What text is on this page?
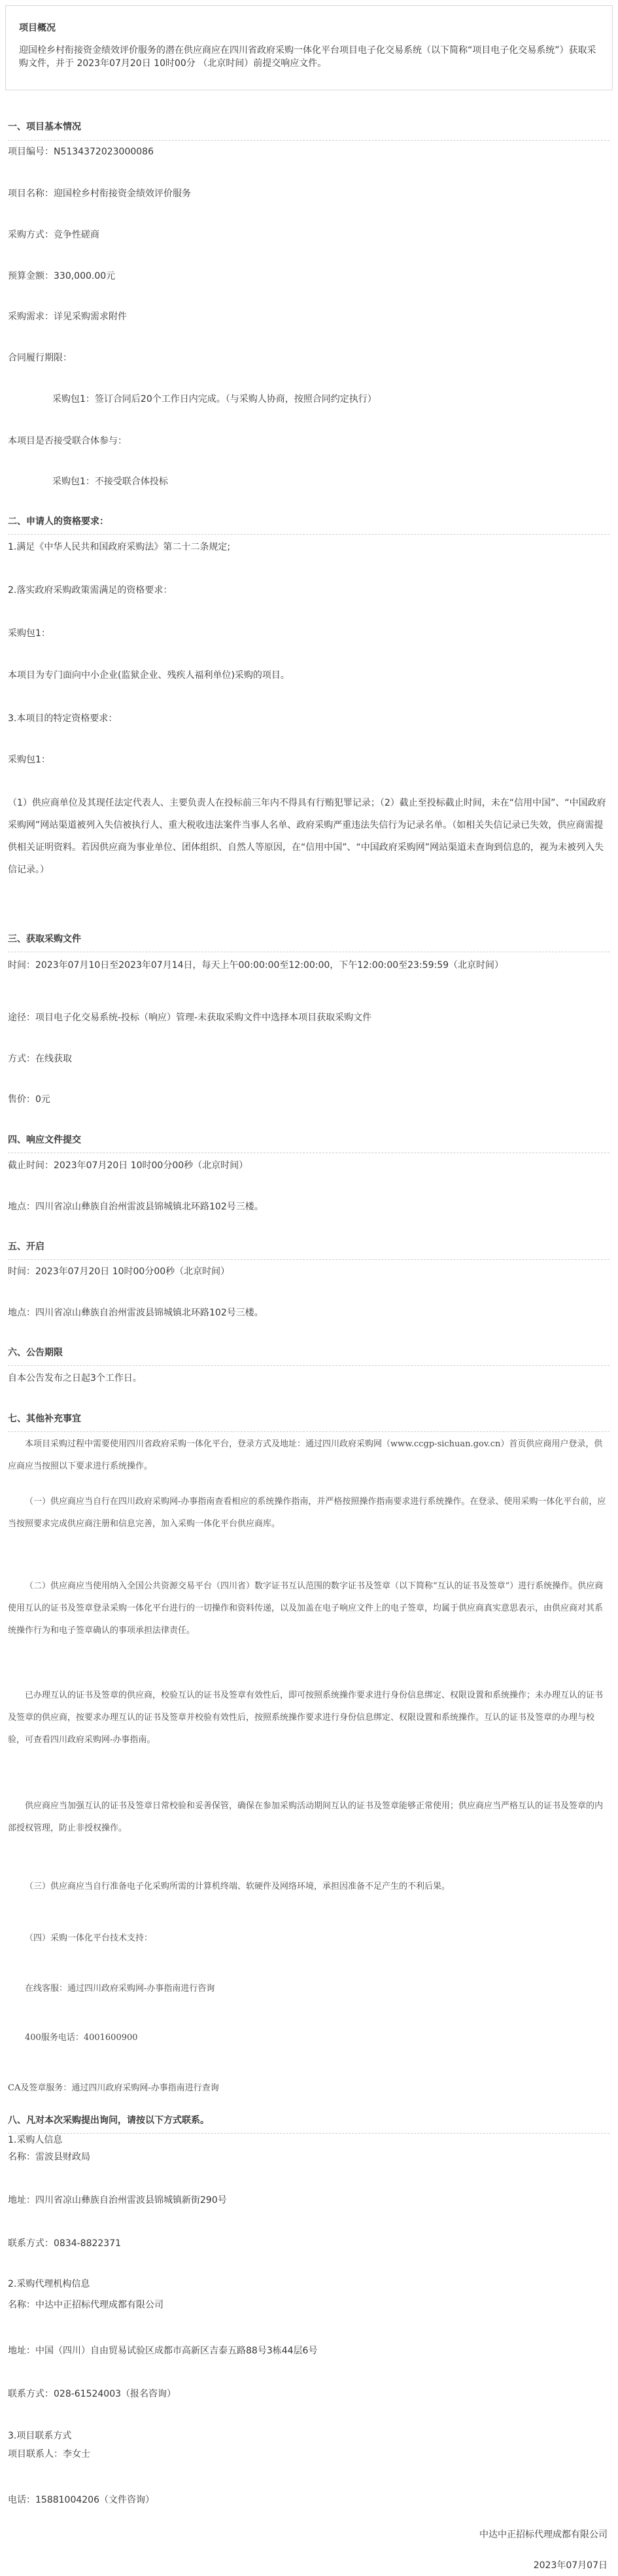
项目概况
迎国栓乡村衔接资金绩效评价服务的潜在供应商应在四川省政府采购一体化平台项目电子化交易系统（以下简称“项目电子化交易系统”）获取采购文件，并于 2023年07月20日 10时00分 （北京时间）前提交响应文件。
一、项目基本情况
项目编号：N5134372023000086
项目名称：迎国栓乡村衔接资金绩效评价服务
采购方式：竞争性磋商
预算金额：330,000.00元
采购需求：详见采购需求附件
合同履行期限：
采购包1：签订合同后20个工作日内完成。（与采购人协商，按照合同约定执行）
本项目是否接受联合体参与：
采购包1：不接受联合体投标
二、申请人的资格要求：
1.满足《中华人民共和国政府采购法》第二十二条规定;
2.落实政府采购政策需满足的资格要求：
采购包1：
本项目为专门面向中小企业(监狱企业、残疾人福利单位)采购的项目。
3.本项目的特定资格要求：
采购包1：
（1）供应商单位及其现任法定代表人、主要负责人在投标前三年内不得具有行贿犯罪记录；（2）截止至投标截止时间，未在“信用中国”、“中国政府采购网”网站渠道被列入失信被执行人、重大税收违法案件当事人名单、政府采购严重违法失信行为记录名单。（如相关失信记录已失效，供应商需提供相关证明资料。若因供应商为事业单位、团体组织、自然人等原因，在“信用中国”、“中国政府采购网”网站渠道未查询到信息的，视为未被列入失信记录。）
三、获取采购文件
时间：2023年07月10日至2023年07月14日，每天上午00:00:00至12:00:00，下午12:00:00至23:59:59（北京时间）
途径：项目电子化交易系统-投标（响应）管理-未获取采购文件中选择本项目获取采购文件
方式：在线获取
售价：0元
四、响应文件提交
截止时间：2023年07月20日 10时00分00秒（北京时间）
地点：四川省凉山彝族自治州雷波县锦城镇北环路102号三楼。
五、开启
时间：2023年07月20日 10时00分00秒（北京时间）
地点：四川省凉山彝族自治州雷波县锦城镇北环路102号三楼。
六、公告期限
自本公告发布之日起3个工作日。
七、其他补充事宜
本项目采购过程中需要使用四川省政府采购一体化平台，登录方式及地址：通过四川政府采购网（www.ccgp-sichuan.gov.cn）首页供应商用户登录，供应商应当按照以下要求进行系统操作。
（一）供应商应当自行在四川政府采购网-办事指南查看相应的系统操作指南，并严格按照操作指南要求进行系统操作。在登录、使用采购一体化平台前，应当按照要求完成供应商注册和信息完善，加入采购一体化平台供应商库。
（二）供应商应当使用纳入全国公共资源交易平台（四川省）数字证书互认范围的数字证书及签章（以下简称“互认的证书及签章”）进行系统操作。供应商使用互认的证书及签章登录采购一体化平台进行的一切操作和资料传递，以及加盖在电子响应文件上的电子签章，均属于供应商真实意思表示，由供应商对其系统操作行为和电子签章确认的事项承担法律责任。
已办理互认的证书及签章的供应商，校验互认的证书及签章有效性后，即可按照系统操作要求进行身份信息绑定、权限设置和系统操作；未办理互认的证书及签章的供应商，按要求办理互认的证书及签章并校验有效性后，按照系统操作要求进行身份信息绑定、权限设置和系统操作。互认的证书及签章的办理与校验，可查看四川政府采购网-办事指南。
供应商应当加强互认的证书及签章日常校验和妥善保管，确保在参加采购活动期间互认的证书及签章能够正常使用；供应商应当严格互认的证书及签章的内部授权管理，防止非授权操作。
（三）供应商应当自行准备电子化采购所需的计算机终端、软硬件及网络环境，承担因准备不足产生的不利后果。
（四）采购一体化平台技术支持：
在线客服：通过四川政府采购网-办事指南进行咨询
400服务电话：4001600900
CA及签章服务：通过四川政府采购网-办事指南进行查询
八、凡对本次采购提出询问，请按以下方式联系。
1.采购人信息
名称：雷波县财政局
地址：四川省凉山彝族自治州雷波县锦城镇新街290号
联系方式：0834-8822371
2.采购代理机构信息
名称：中达中正招标代理成都有限公司
地址：中国（四川）自由贸易试验区成都市高新区吉泰五路88号3栋44层6号
联系方式：028-61524003（报名咨询）
3.项目联系方式
项目联系人：李女士
电话：15881004206（文件咨询）
中达中正招标代理成都有限公司
2023年07月07日
